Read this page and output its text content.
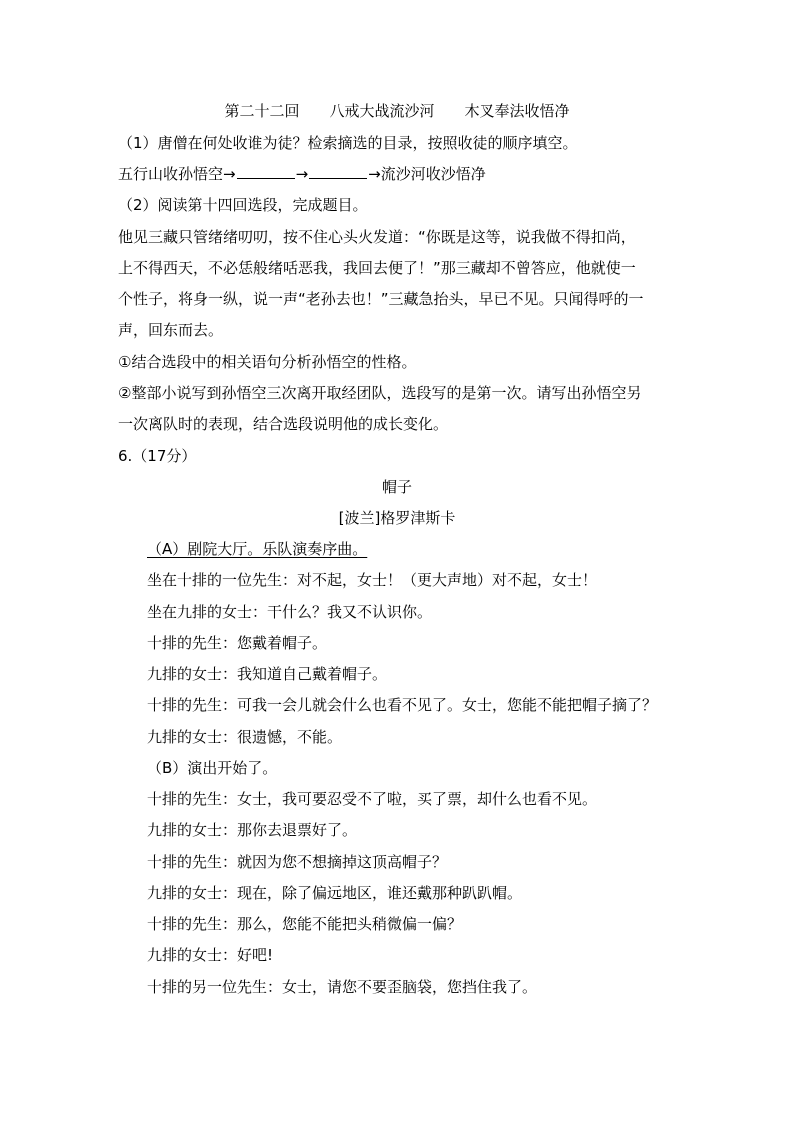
第二十二回　　八戒大战流沙河　　木叉奉法收悟净
（1）唐僧在何处收谁为徒？检索摘选的目录，按照收徒的顺序填空。
五行山收孙悟空→	→	→流沙河收沙悟净
（2）阅读第十四回选段，完成题目。
他见三藏只管绪绪叨叨，按不住心头火发道：“你既是这等，说我做不得扣尚，
上不得西天，不必恁般绪咶恶我，我回去便了！”那三藏却不曾答应，他就使一
个性子，将身一纵，说一声“老孙去也！”三藏急抬头，早已不见。只闻得呼的一
声，回东而去。
①结合选段中的相关语句分析孙悟空的性格。
②整部小说写到孙悟空三次离开取经团队，选段写的是第一次。请写出孙悟空另
一次离队时的表现，结合选段说明他的成长变化。
6.（17分）
帽子
[波兰]格罗津斯卡
（A）剧院大厅。乐队演奏序曲。
坐在十排的一位先生：对不起，女士！（更大声地）对不起，女士！
坐在九排的女士：干什么？我又不认识你。
十排的先生：您戴着帽子。
九排的女士：我知道自己戴着帽子。
十排的先生：可我一会儿就会什么也看不见了。女士，您能不能把帽子摘了？
九排的女士：很遗憾，不能。
（B）演出开始了。
十排的先生：女士，我可要忍受不了啦，买了票，却什么也看不见。
九排的女士：那你去退票好了。
十排的先生：就因为您不想摘掉这顶高帽子？
九排的女士：现在，除了偏远地区，谁还戴那种趴趴帽。
十排的先生：那么，您能不能把头稍微偏一偏？
九排的女士：好吧!
十排的另一位先生：女士，请您不要歪脑袋，您挡住我了。
